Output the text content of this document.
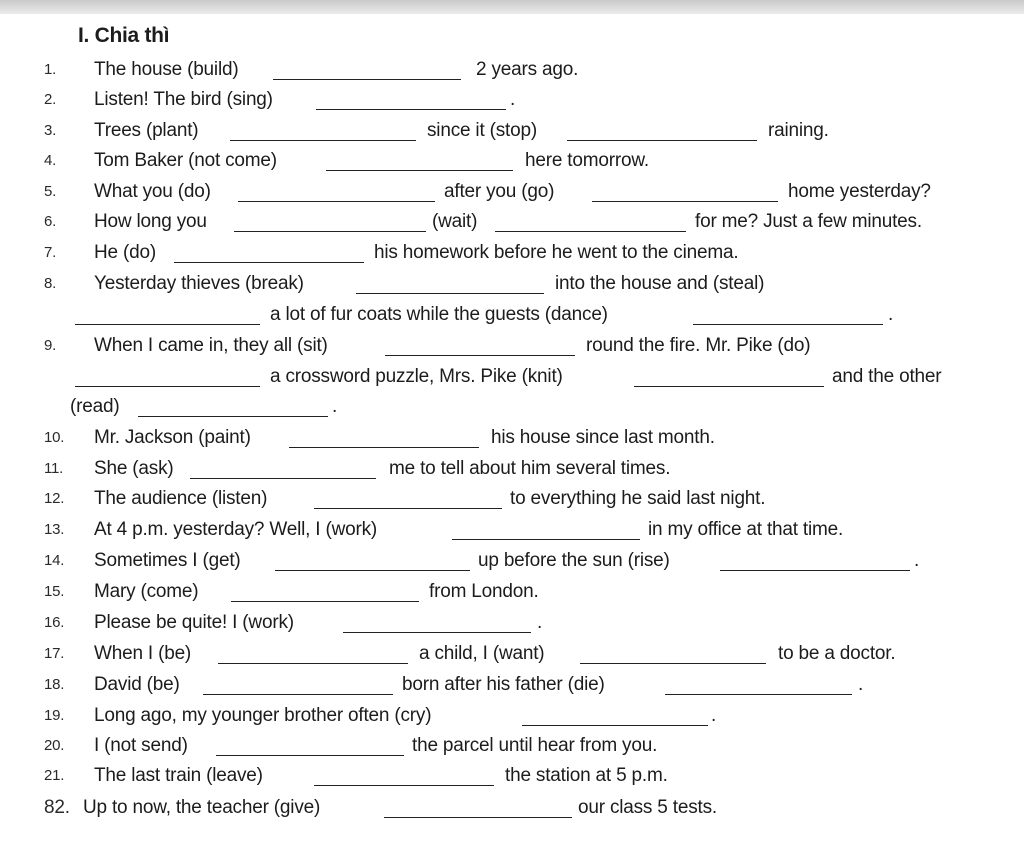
I. Chia thì
1. The house (build)	2 years ago.
2. Listen! The bird (sing)	.
3. Trees (plant)	since it (stop)	raining.
4. Tom Baker (not come)	here tomorrow.
5. What you (do)	after you (go)	home yesterday?
6. How long you	(wait)	for me? Just a few minutes.
7. He (do)	his homework before he went to the cinema.
8. Yesterday thieves (break)	into the house and (steal)
a lot of fur coats while the guests (dance)	.
9. When I came in, they all (sit)	round the fire. Mr. Pike (do)
a crossword puzzle, Mrs. Pike (knit)	and the other
(read)	.
10. Mr. Jackson (paint)	his house since last month.
11. She (ask)	me to tell about him several times.
12. The audience (listen)	to everything he said last night.
13. At 4 p.m. yesterday? Well, I (work)	in my office at that time.
14. Sometimes I (get)	up before the sun (rise)	.
15. Mary (come)	from London.
16. Please be quite! I (work)	.
17. When I (be)	a child, I (want)	to be a doctor.
18. David (be)	born after his father (die)	.
19. Long ago, my younger brother often (cry)	.
20. I (not send)	the parcel until hear from you.
21. The last train (leave)	the station at 5 p.m.
82. Up to now, the teacher (give)	our class 5 tests.
